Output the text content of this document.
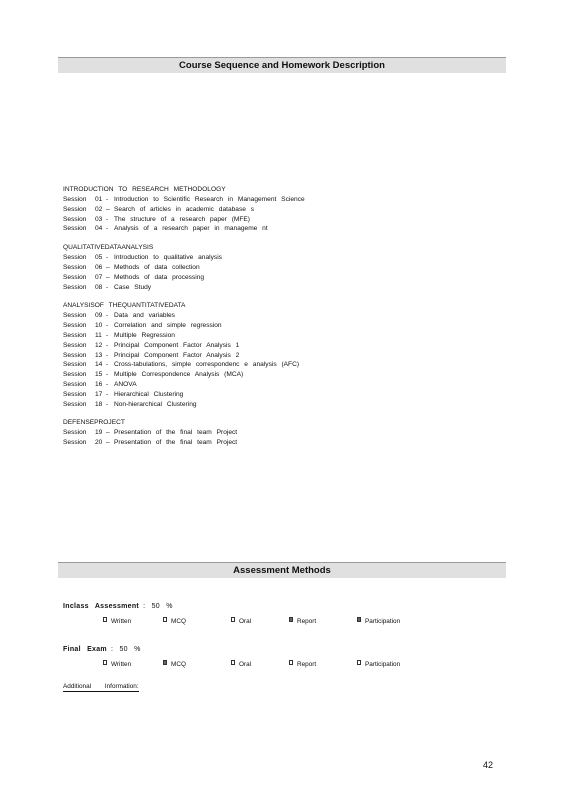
Course Sequence and Homework Description
INTRODUCTION TO RESEARCH METHODOLOGY
Session	01 - Introduction to Scientific Research in Management Science
Session	02 – Search of articles in academic database s
Session	03 - The structure of a research paper (MFE)
Session	04 - Analysis of a research paper in manageme nt
QUALITATIVEDATAANALYSIS
Session	05 - Introduction to qualitative analysis
Session	06 – Methods of data collection
Session	07 – Methods of data processing
Session	08 - Case Study
ANALYSISOF THEQUANTITATIVEDATA
Session	09 - Data and variables
Session	10 - Correlation and simple regression
Session	11 - Multiple Regression
Session	12 - Principal Component Factor Analysis 1
Session	13 - Principal Component Factor Analysis 2
Session	14 - Cross-tabulations, simple correspondenc e analysis (AFC)
Session	15 - Multiple Correspondence Analysis (MCA)
Session	16 - ANOVA
Session	17 - Hierarchical Clustering
Session	18 - Non-hierarchical Clustering
DEFENSEPROJECT
Session	19 – Presentation of the final team Project
Session	20 – Presentation of the final team Project
Assessment Methods
Inclass Assessment : 50 %
Written	MCQ	Oral	Report	Participation
Final Exam : 50 %
Written	MCQ	Oral	Report	Participation
Additional Information:
42
